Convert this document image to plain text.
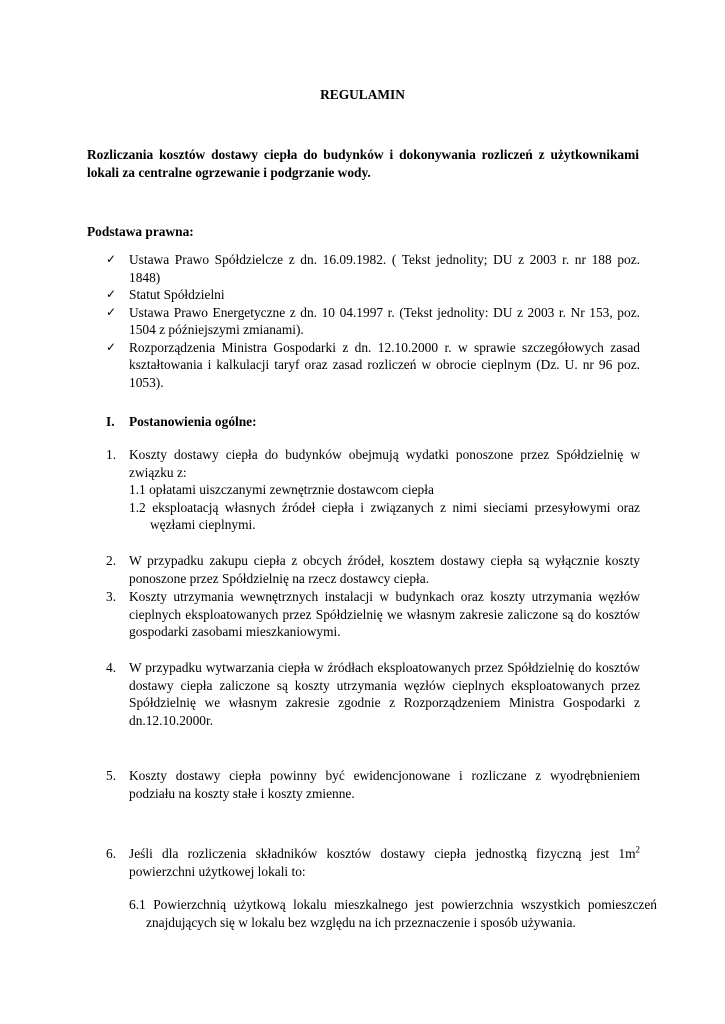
REGULAMIN
Rozliczania kosztów dostawy ciepła do budynków i dokonywania rozliczeń z użytkownikami lokali za centralne ogrzewanie i podgrzanie wody.
Podstawa prawna:
✓ Ustawa Prawo Spółdzielcze z dn. 16.09.1982. ( Tekst jednolity; DU z 2003 r. nr 188 poz. 1848)
✓ Statut Spółdzielni
✓ Ustawa Prawo Energetyczne z dn. 10 04.1997 r. (Tekst jednolity: DU z 2003 r. Nr 153, poz. 1504 z późniejszymi zmianami).
✓ Rozporządzenia Ministra Gospodarki z dn. 12.10.2000 r. w sprawie szczegółowych zasad kształtowania i kalkulacji taryf oraz zasad rozliczeń w obrocie cieplnym (Dz. U. nr 96 poz. 1053).
I. Postanowienia ogólne:
1. Koszty dostawy ciepła do budynków obejmują wydatki ponoszone przez Spółdzielnię w związku z:
1.1 opłatami uiszczanymi zewnętrznie dostawcom ciepła
1.2 eksploatacją własnych źródeł ciepła i związanych z nimi sieciami przesyłowymi oraz węzłami cieplnymi.
2. W przypadku zakupu ciepła z obcych źródeł, kosztem dostawy ciepła są wyłącznie koszty ponoszone przez Spółdzielnię na rzecz dostawcy ciepła.
3. Koszty utrzymania wewnętrznych instalacji w budynkach oraz koszty utrzymania węzłów cieplnych eksploatowanych przez Spółdzielnię we własnym zakresie zaliczone są do kosztów gospodarki zasobami mieszkaniowymi.
4. W przypadku wytwarzania ciepła w źródłach eksploatowanych przez Spółdzielnię do kosztów dostawy ciepła zaliczone są koszty utrzymania węzłów cieplnych eksploatowanych przez Spółdzielnię we własnym zakresie zgodnie z Rozporządzeniem Ministra Gospodarki z dn.12.10.2000r.
5. Koszty dostawy ciepła powinny być ewidencjonowane i rozliczane z wyodrębnieniem podziału na koszty stałe i koszty zmienne.
6. Jeśli dla rozliczenia składników kosztów dostawy ciepła jednostką fizyczną jest $1m^2$ powierzchni użytkowej lokali to:
6.1 Powierzchnią użytkową lokalu mieszkalnego jest powierzchnia wszystkich pomieszczeń znajdujących się w lokalu bez względu na ich przeznaczenie i sposób używania.
